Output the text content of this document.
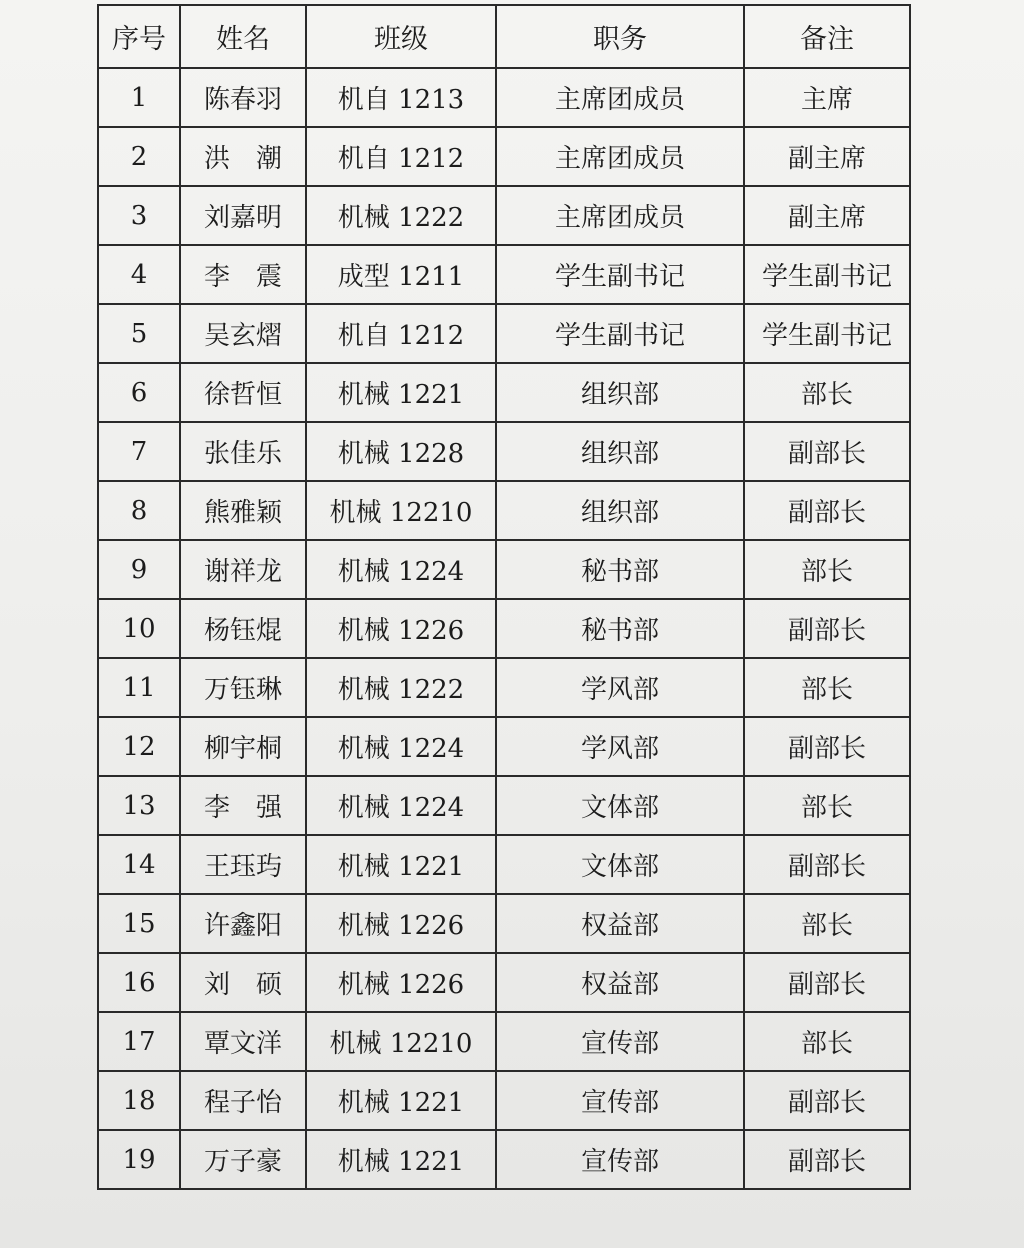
序号	姓名	班级	职务	备注
1	陈春羽	机自 1213	主席团成员	主席
2	洪　潮	机自 1212	主席团成员	副主席
3	刘嘉明	机械 1222	主席团成员	副主席
4	李　震	成型 1211	学生副书记	学生副书记
5	吴玄熠	机自 1212	学生副书记	学生副书记
6	徐哲恒	机械 1221	组织部	部长
7	张佳乐	机械 1228	组织部	副部长
8	熊雅颖	机械 12210	组织部	副部长
9	谢祥龙	机械 1224	秘书部	部长
10	杨钰焜	机械 1226	秘书部	副部长
11	万钰琳	机械 1222	学风部	部长
12	柳宇桐	机械 1224	学风部	副部长
13	李　强	机械 1224	文体部	部长
14	王珏玙	机械 1221	文体部	副部长
15	许鑫阳	机械 1226	权益部	部长
16	刘　硕	机械 1226	权益部	副部长
17	覃文洋	机械 12210	宣传部	部长
18	程子怡	机械 1221	宣传部	副部长
19	万子豪	机械 1221	宣传部	副部长
